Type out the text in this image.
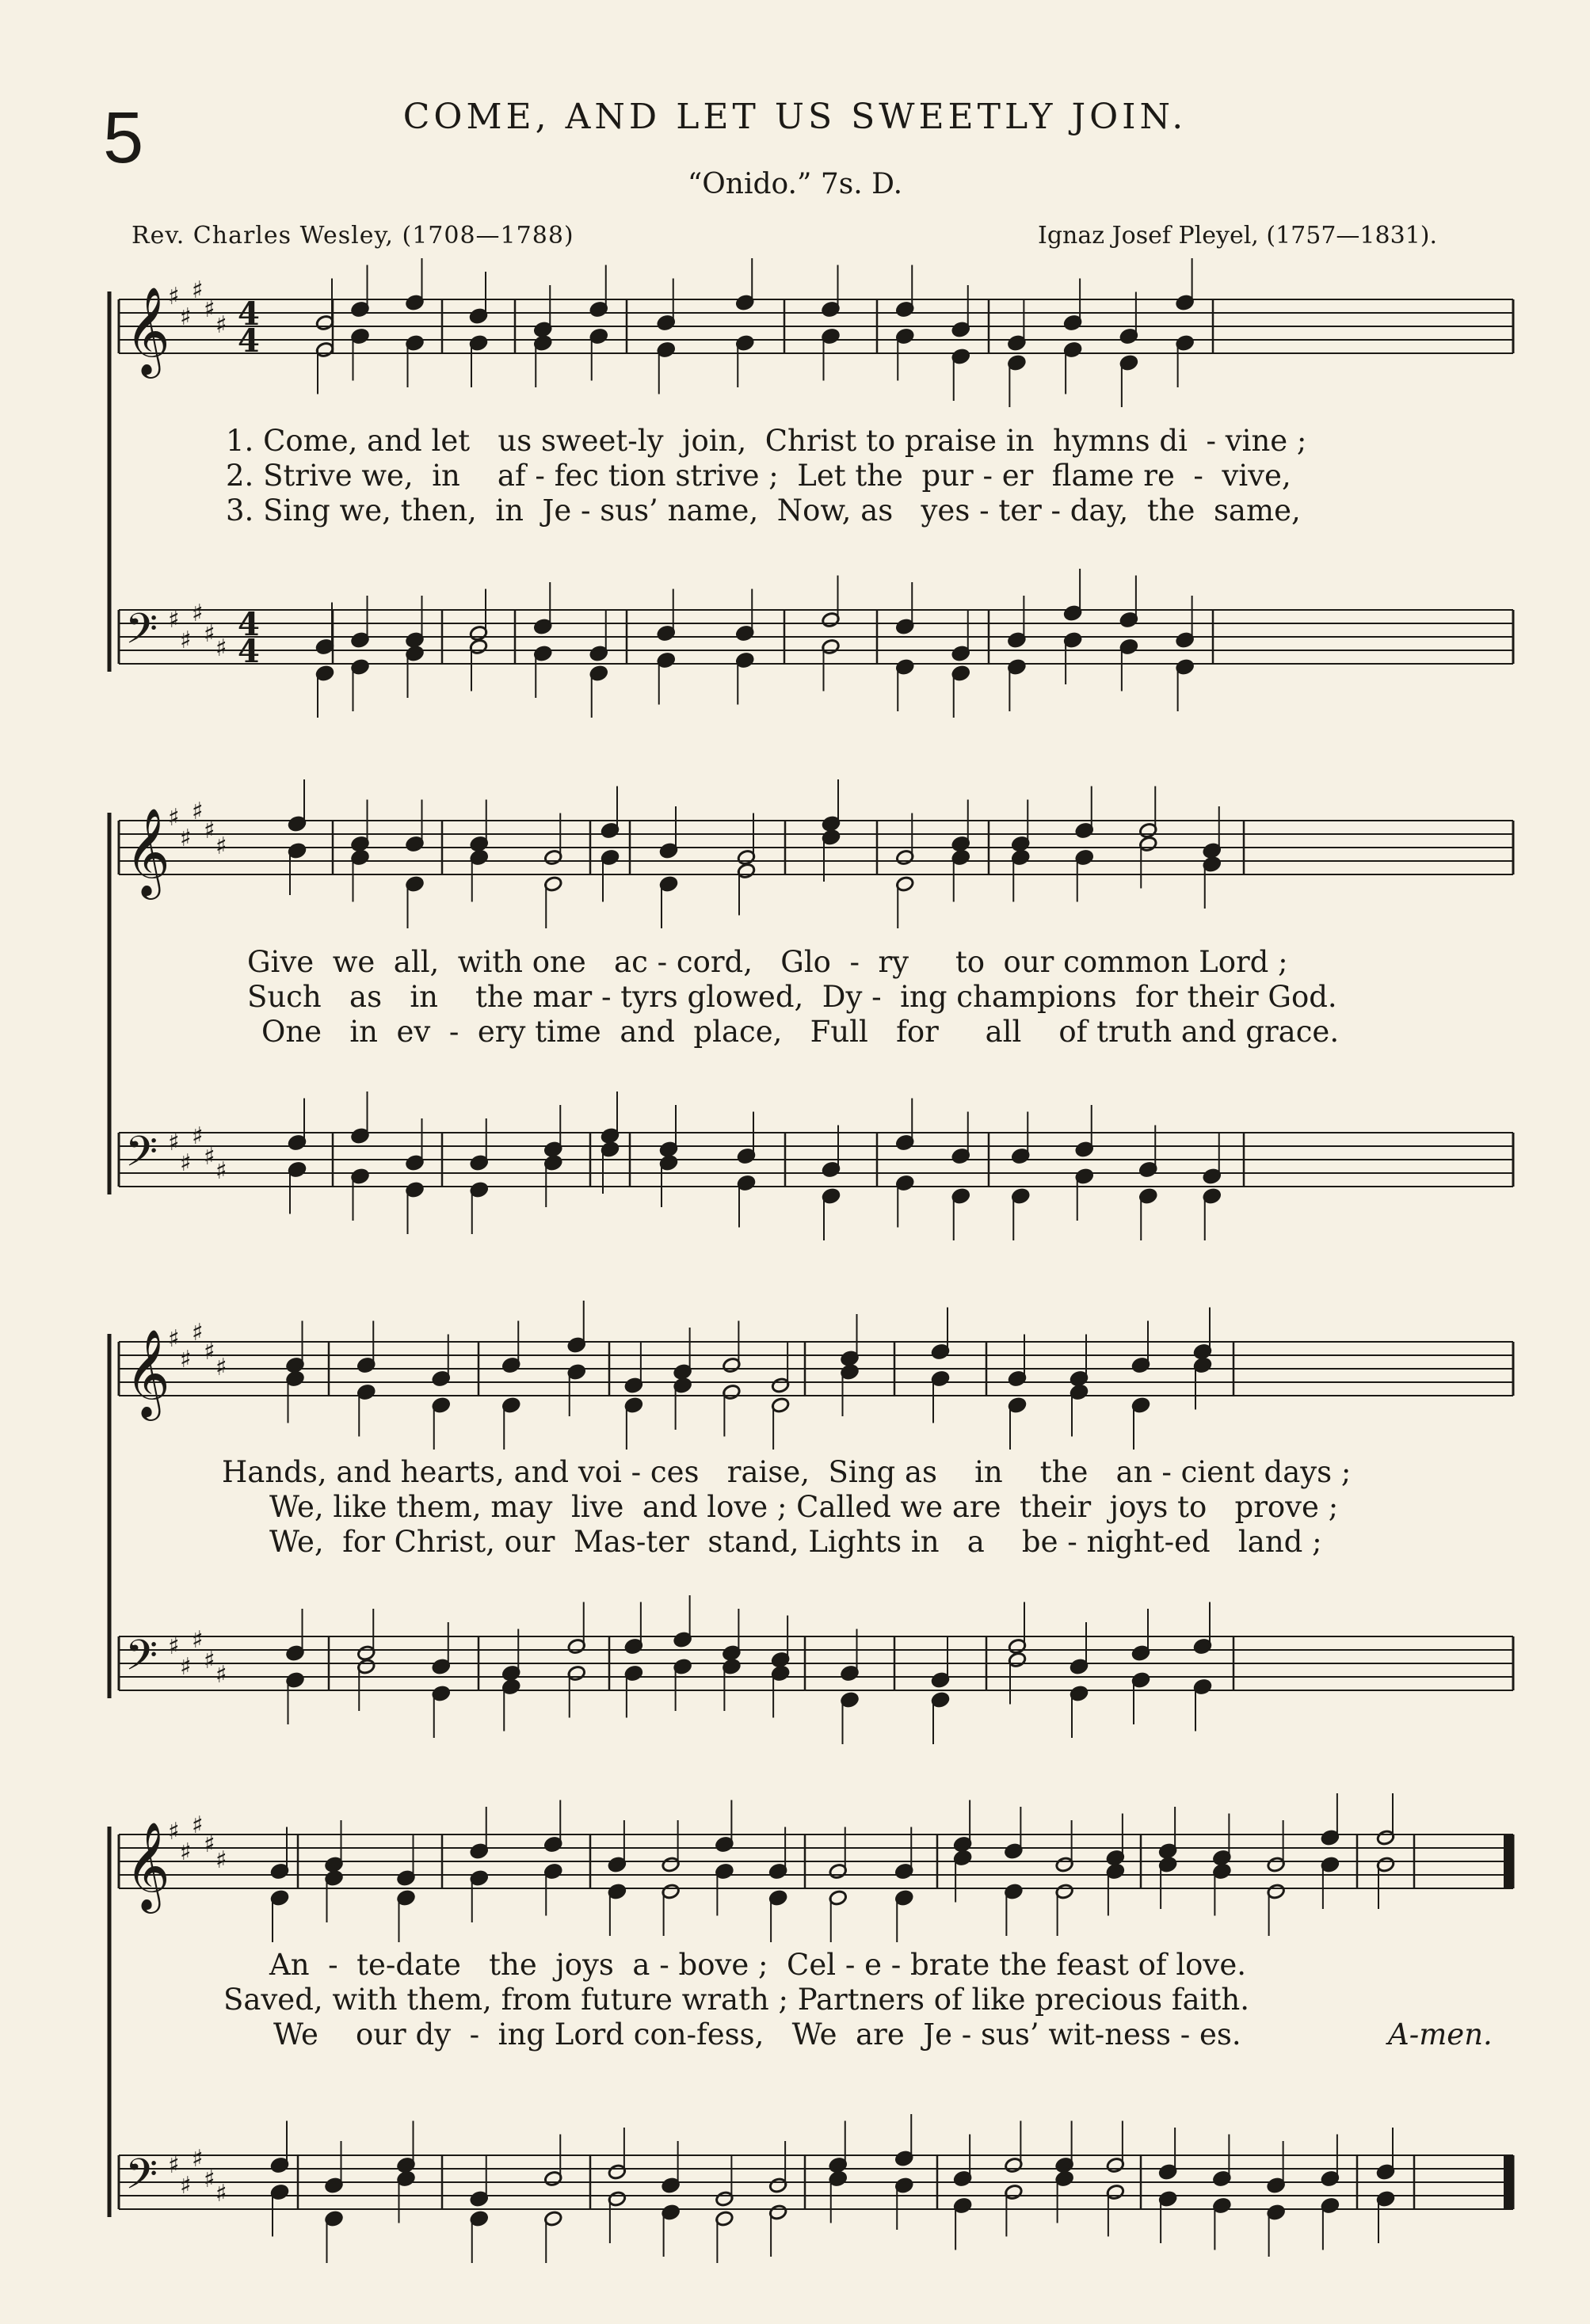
5	COME, AND LET US SWEETLY JOIN.
“Onido.” 7s. D.
Rev. Charles Wesley, (1708—1788)	Ignaz Josef Pleyel, (1757—1831).
𝄞
♯
♯
♯
♯
♯ 4
4
𝄢 ♯
♯
♯
♯
♯
4
4
𝄞
♯
♯
♯
♯
♯
𝄢 ♯
♯
♯
♯
♯
𝄞
♯
♯
♯
♯
♯
𝄢 ♯
♯
♯
♯
♯
𝄞
♯
♯
♯
♯
♯
𝄢 ♯
♯
♯
♯
♯
1. Come, and let   us sweet-ly  join,  Christ to praise in  hymns di  - vine ;
2. Strive we,  in    af - fec tion strive ;  Let the  pur - er  flame re  -  vive,
3. Sing we, then,  in  Je - sus’ name,  Now, as   yes - ter - day,  the  same,
Give  we  all,  with one   ac - cord,   Glo  -  ry     to  our common Lord ;
Such   as   in    the mar - tyrs glowed,  Dy -  ing champions  for their God.
One   in  ev  -  ery time  and  place,   Full   for     all    of truth and grace.
Hands, and hearts, and voi - ces   raise,  Sing as    in    the   an - cient days ;
We, like them, may  live  and love ; Called we are  their  joys to   prove ;
We,  for Christ, our  Mas-ter  stand, Lights in   a    be - night-ed   land ;
An  -  te-date   the  joys  a - bove ;  Cel - e - brate the feast of love.
Saved, with them, from future wrath ; Partners of like precious faith.
We    our dy  -  ing Lord con-fess,   We  are  Je - sus’ wit-ness - es.	A-men.
